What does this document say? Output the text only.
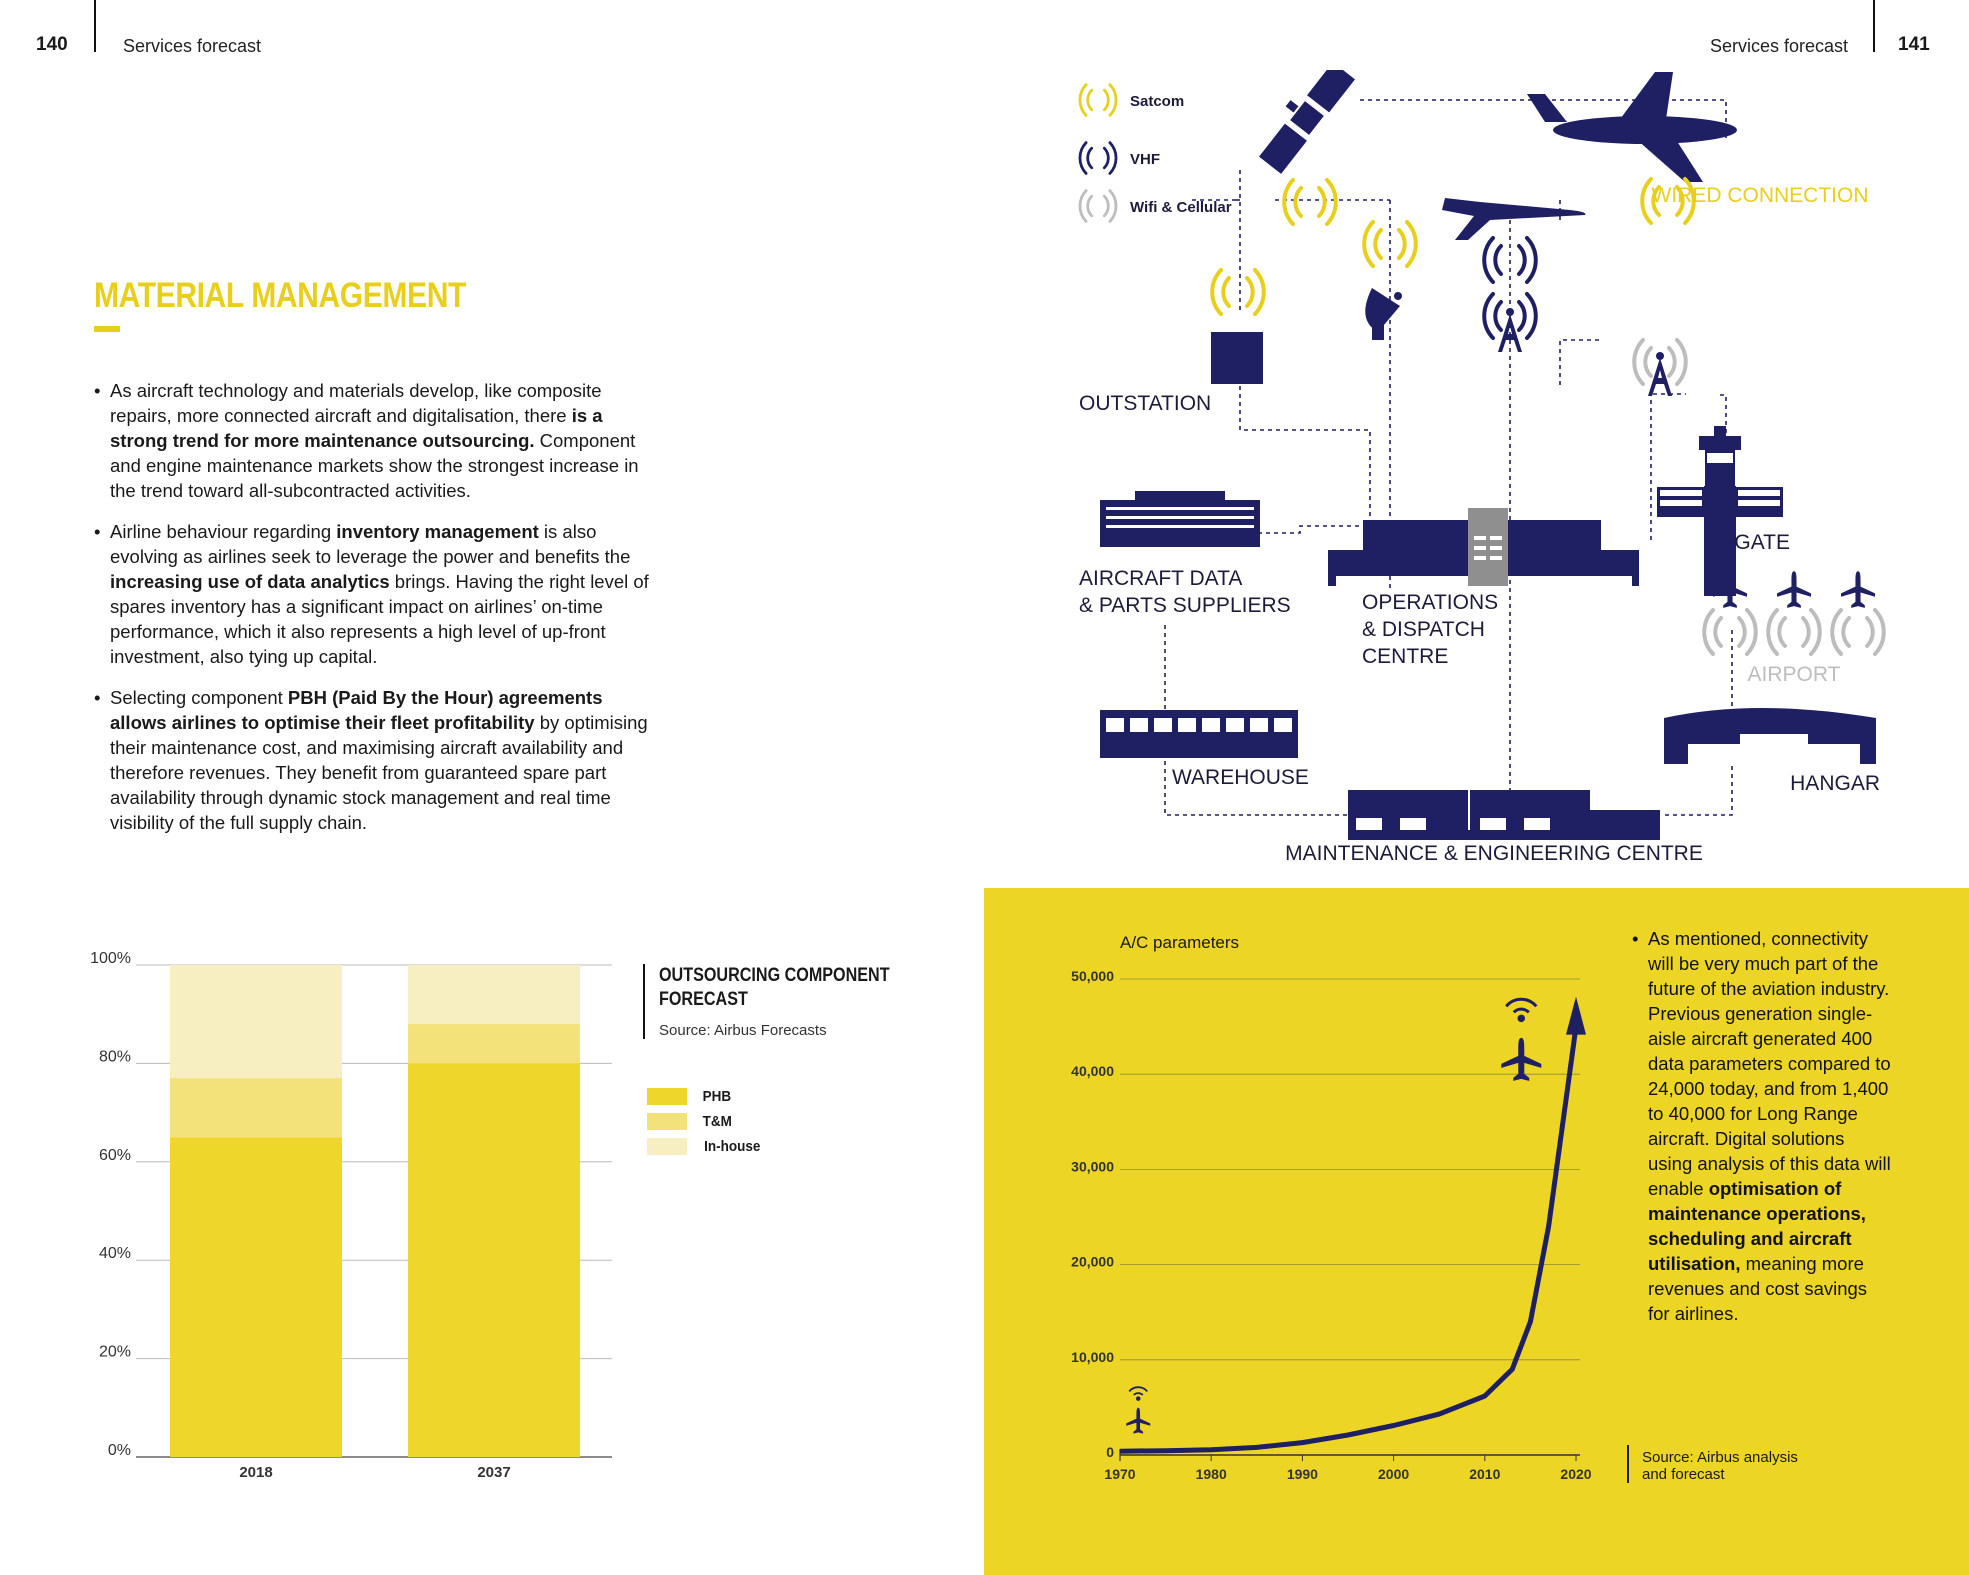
140	Services forecast	Services forecast	141
MATERIAL MANAGEMENT
• As aircraft technology and materials develop, like composite repairs, more connected aircraft and digitalisation, there is a strong trend for more maintenance outsourcing. Component and engine maintenance markets show the strongest increase in the trend toward all-subcontracted activities.
• Airline behaviour regarding inventory management is also evolving as airlines seek to leverage the power and benefits the increasing use of data analytics brings. Having the right level of spares inventory has a significant impact on airlines’ on-time performance, which it also represents a high level of up-front investment, also tying up capital.
• Selecting component PBH (Paid By the Hour) agreements allows airlines to optimise their fleet profitability by optimising their maintenance cost, and maximising aircraft availability and therefore revenues. They benefit from guaranteed spare part availability through dynamic stock management and real time visibility of the full supply chain.
0%
20%
40%
60%
80%
100%
2018	2037
OUTSOURCING COMPONENT
FORECAST
Source: Airbus Forecasts
PHB
T&M
In-house
Satcom
VHF
Wifi & Cellular
WIRED CONNECTION
OUTSTATION
AIRCRAFT DATA
& PARTS SUPPLIERS	OPERATIONS
& DISPATCH
CENTRE
GATE
AIRPORT
WAREHOUSE	HANGAR
MAINTENANCE & ENGINEERING CENTRE
A/C parameters
0
10,000
20,000
30,000
40,000
50,000
1970	1980	1990	2000	2010	2020
Source: Airbus analysis
and forecast
• As mentioned, connectivity will be very much part of the future of the aviation industry. Previous generation single-aisle aircraft generated 400 data parameters compared to 24,000 today, and from 1,400 to 40,000 for Long Range aircraft. Digital solutions using analysis of this data will enable optimisation of maintenance operations, scheduling and aircraft utilisation, meaning more revenues and cost savings for airlines.
